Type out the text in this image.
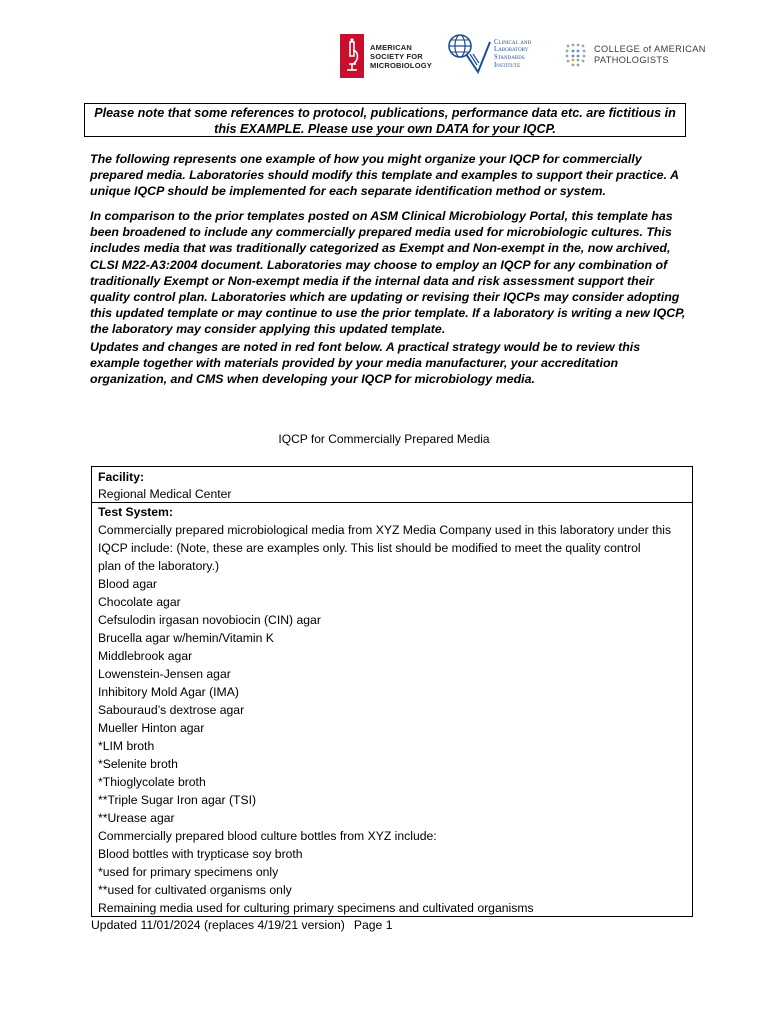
AMERICAN
SOCIETY FOR
MICROBIOLOGY
Clinical and
Laboratory
Standards
Institute
COLLEGE of AMERICAN
PATHOLOGISTS
Please note that some references to protocol, publications, performance data etc. are fictitious in this EXAMPLE. Please use your own DATA for your IQCP.

The following represents one example of how you might organize your IQCP for commercially prepared media. Laboratories should modify this template and examples to support their practice. A unique IQCP should be implemented for each separate identification method or system.

In comparison to the prior templates posted on ASM Clinical Microbiology Portal, this template has been broadened to include any commercially prepared media used for microbiologic cultures. This includes media that was traditionally categorized as Exempt and Non-exempt in the, now archived, CLSI M22-A3:2004 document. Laboratories may choose to employ an IQCP for any combination of traditionally Exempt or Non-exempt media if the internal data and risk assessment support their quality control plan. Laboratories which are updating or revising their IQCPs may consider adopting this updated template or may continue to use the prior template. If a laboratory is writing a new IQCP, the laboratory may consider applying this updated template.

Updates and changes are noted in red font below. A practical strategy would be to review this example together with materials provided by your media manufacturer, your accreditation organization, and CMS when developing your IQCP for microbiology media.

IQCP for Commercially Prepared Media
Facility:
Regional Medical Center
Test System:
Commercially prepared microbiological media from XYZ Media Company used in this laboratory under this
IQCP include: (Note, these are examples only. This list should be modified to meet the quality control
plan of the laboratory.)
Blood agar
Chocolate agar
Cefsulodin irgasan novobiocin (CIN) agar
Brucella agar w/hemin/Vitamin K
Middlebrook agar
Lowenstein-Jensen agar
Inhibitory Mold Agar (IMA)
Sabouraud’s dextrose agar
Mueller Hinton agar
*LIM broth
*Selenite broth
*Thioglycolate broth
**Triple Sugar Iron agar (TSI)
**Urease agar
Commercially prepared blood culture bottles from XYZ include:
Blood bottles with trypticase soy broth
*used for primary specimens only
**used for cultivated organisms only
Remaining media used for culturing primary specimens and cultivated organisms
Updated 11/01/2024 (replaces 4/19/21 version) Page 1
